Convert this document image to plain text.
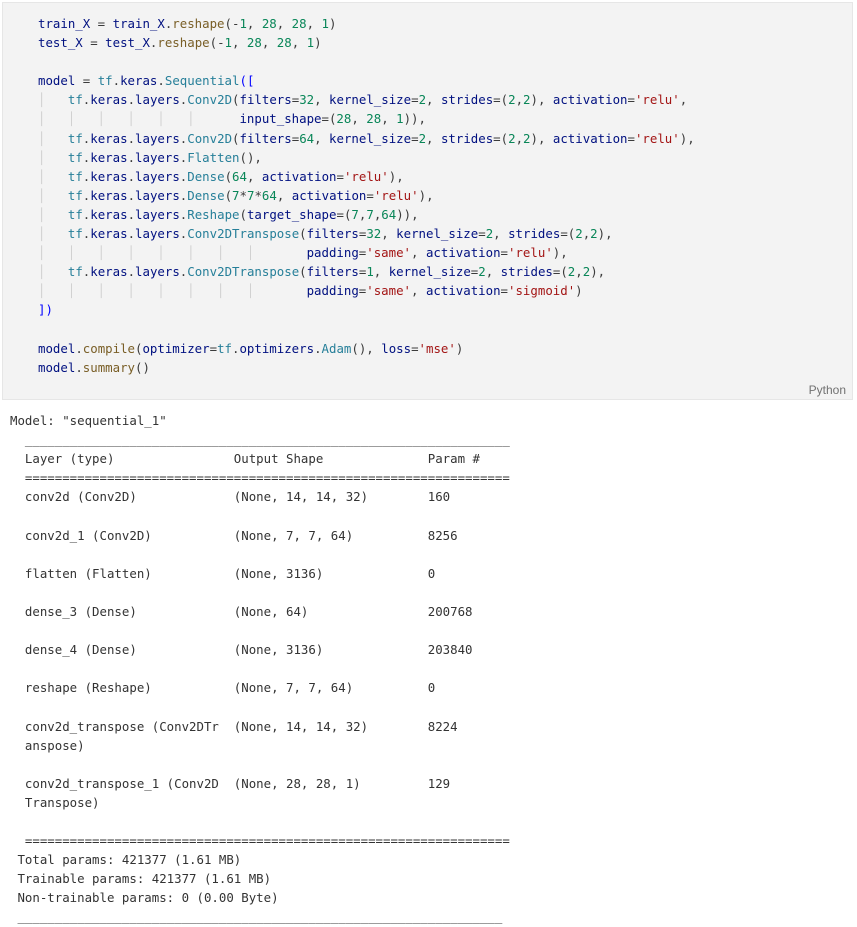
train_X = train_X.reshape(-1, 28, 28, 1)
test_X = test_X.reshape(-1, 28, 28, 1)

model = tf.keras.Sequential([
│ tf.keras.layers.Conv2D(filters=32, kernel_size=2, strides=(2,2), activation='relu',
│   │   │   │   │   │      input_shape=(28, 28, 1)),
│ tf.keras.layers.Conv2D(filters=64, kernel_size=2, strides=(2,2), activation='relu'),
│ tf.keras.layers.Flatten(),
│ tf.keras.layers.Dense(64, activation='relu'),
│ tf.keras.layers.Dense(7*7*64, activation='relu'),
│ tf.keras.layers.Reshape(target_shape=(7,7,64)),
│ tf.keras.layers.Conv2DTranspose(filters=32, kernel_size=2, strides=(2,2),
│   │   │   │   │   │   │   │       padding='same', activation='relu'),
│ tf.keras.layers.Conv2DTranspose(filters=1, kernel_size=2, strides=(2,2),
│   │   │   │   │   │   │   │       padding='same', activation='sigmoid')
])

model.compile(optimizer=tf.optimizers.Adam(), loss='mse')
model.summary()
Python
Model: "sequential_1"
_________________________________________________________________
Layer (type)                Output Shape              Param #
=================================================================
conv2d (Conv2D)             (None, 14, 14, 32)        160

conv2d_1 (Conv2D)           (None, 7, 7, 64)          8256

flatten (Flatten)           (None, 3136)              0

dense_3 (Dense)             (None, 64)                200768

dense_4 (Dense)             (None, 3136)              203840

reshape (Reshape)           (None, 7, 7, 64)          0

conv2d_transpose (Conv2DTr  (None, 14, 14, 32)        8224
anspose)

conv2d_transpose_1 (Conv2D  (None, 28, 28, 1)         129
Transpose)

=================================================================
Total params: 421377 (1.61 MB)
Trainable params: 421377 (1.61 MB)
Non-trainable params: 0 (0.00 Byte)
_________________________________________________________________
